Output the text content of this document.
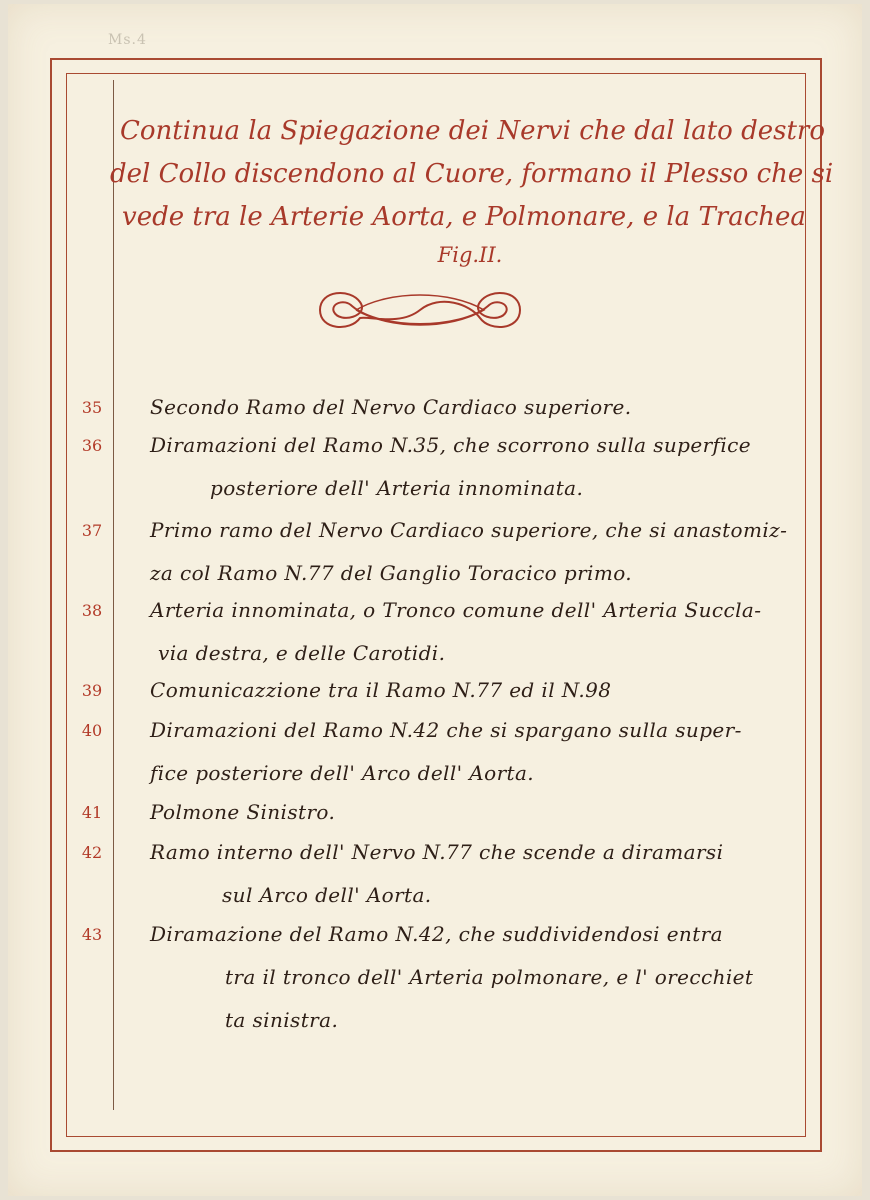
Ms.4
Continua la Spiegazione dei Nervi che dal lato destro
del Collo discendono al Cuore, formano il Plesso che si
vede tra le Arterie Aorta, e Polmonare, e la Trachea
Fig.II.
35	Secondo Ramo del Nervo Cardiaco superiore.
36	Diramazioni del Ramo N.35, che scorrono sulla superfice
posteriore dell' Arteria innominata.
37	Primo ramo del Nervo Cardiaco superiore, che si anastomiz-
za col Ramo N.77 del Ganglio Toracico primo.
38	Arteria innominata, o Tronco comune dell' Arteria Succla-
via destra, e delle Carotidi.
39	Comunicazzione tra il Ramo N.77 ed il N.98
40	Diramazioni del Ramo N.42 che si spargano sulla super-
fice posteriore dell' Arco dell' Aorta.
41	Polmone Sinistro.
42	Ramo interno dell' Nervo N.77 che scende a diramarsi
sul Arco dell' Aorta.
43	Diramazione del Ramo N.42, che suddividendosi entra
tra il tronco dell' Arteria polmonare, e l' orecchiet
ta sinistra.
